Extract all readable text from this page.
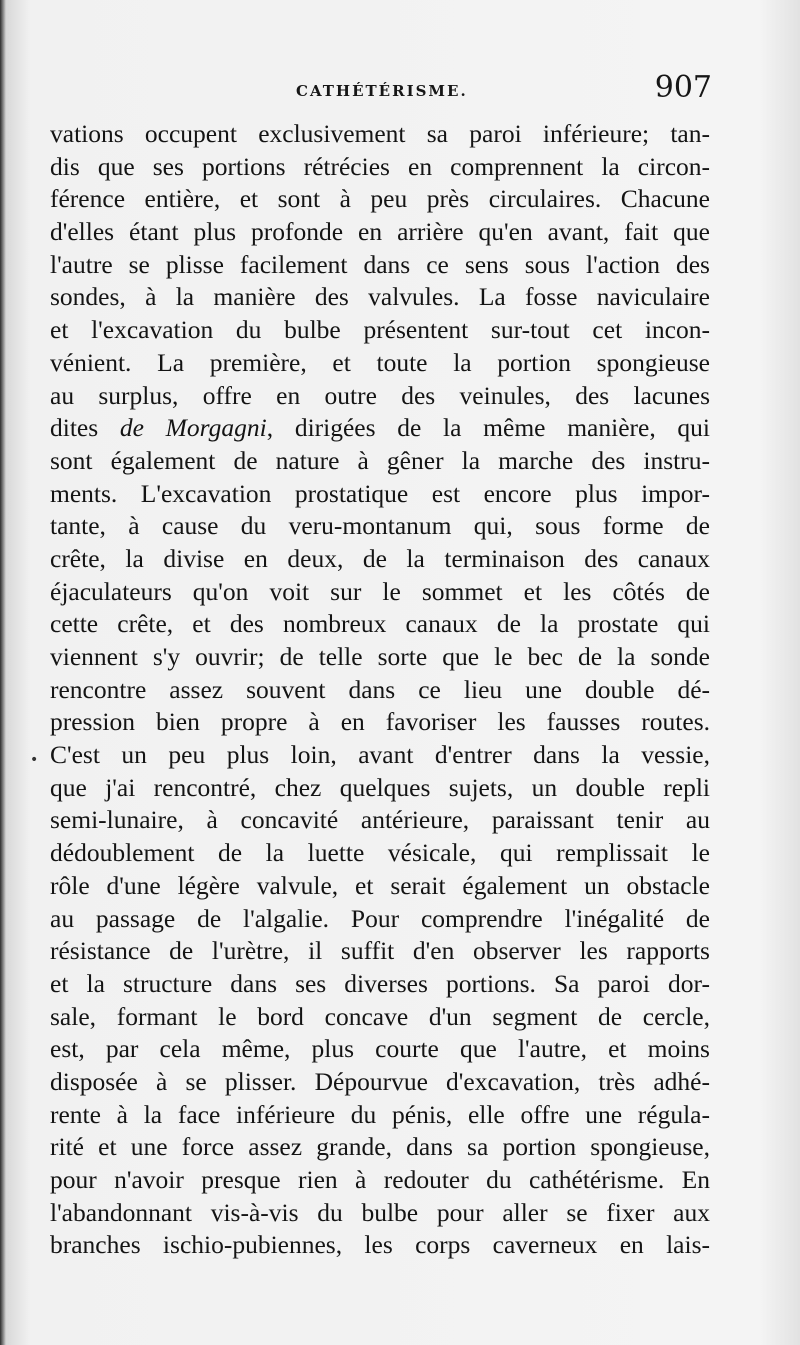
CATHÉTÉRISME.	907
•
vations occupent exclusivement sa paroi inférieure; tan-
dis que ses portions rétrécies en comprennent la circon-
férence entière, et sont à peu près circulaires. Chacune
d'elles étant plus profonde en arrière qu'en avant, fait que
l'autre se plisse facilement dans ce sens sous l'action des
sondes, à la manière des valvules. La fosse naviculaire
et l'excavation du bulbe présentent sur-tout cet incon-
vénient. La première, et toute la portion spongieuse
au surplus, offre en outre des veinules, des lacunes
dites de Morgagni, dirigées de la même manière, qui
sont également de nature à gêner la marche des instru-
ments. L'excavation prostatique est encore plus impor-
tante, à cause du veru-montanum qui, sous forme de
crête, la divise en deux, de la terminaison des canaux
éjaculateurs qu'on voit sur le sommet et les côtés de
cette crête, et des nombreux canaux de la prostate qui
viennent s'y ouvrir; de telle sorte que le bec de la sonde
rencontre assez souvent dans ce lieu une double dé-
pression bien propre à en favoriser les fausses routes.
C'est un peu plus loin, avant d'entrer dans la vessie,
que j'ai rencontré, chez quelques sujets, un double repli
semi-lunaire, à concavité antérieure, paraissant tenir au
dédoublement de la luette vésicale, qui remplissait le
rôle d'une légère valvule, et serait également un obstacle
au passage de l'algalie. Pour comprendre l'inégalité de
résistance de l'urètre, il suffit d'en observer les rapports
et la structure dans ses diverses portions. Sa paroi dor-
sale, formant le bord concave d'un segment de cercle,
est, par cela même, plus courte que l'autre, et moins
disposée à se plisser. Dépourvue d'excavation, très adhé-
rente à la face inférieure du pénis, elle offre une régula-
rité et une force assez grande, dans sa portion spongieuse,
pour n'avoir presque rien à redouter du cathétérisme. En
l'abandonnant vis-à-vis du bulbe pour aller se fixer aux
branches ischio-pubiennes, les corps caverneux en lais-
